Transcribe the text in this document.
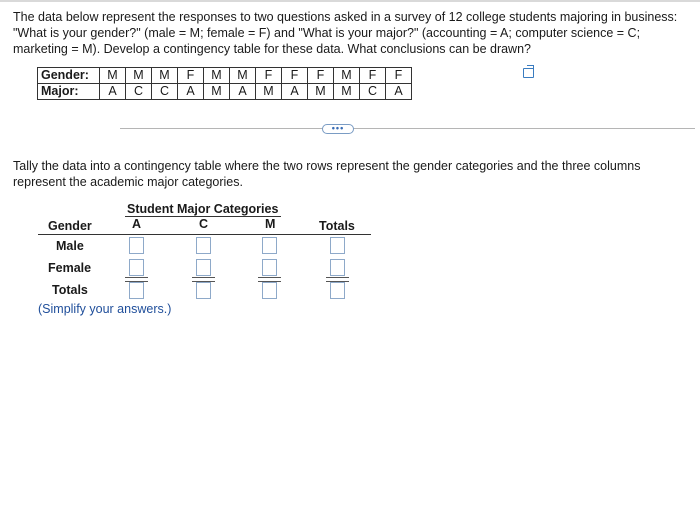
The data below represent the responses to two questions asked in a survey of 12 college students majoring in business: "What is your gender?" (male = M; female = F) and "What is your major?" (accounting = A; computer science = C; marketing = M). Develop a contingency table for these data. What conclusions can be drawn?
Gender:	M	M	M	F	M	M	F	F	F	M	F	F
Major:	A	C	C	A	M	A	M	A	M	M	C	A
•••
Tally the data into a contingency table where the two rows represent the gender categories and the three columns represent the academic major categories.
Student Major Categories
Gender	A	C	M	Totals
Male
Female
Totals
(Simplify your answers.)
